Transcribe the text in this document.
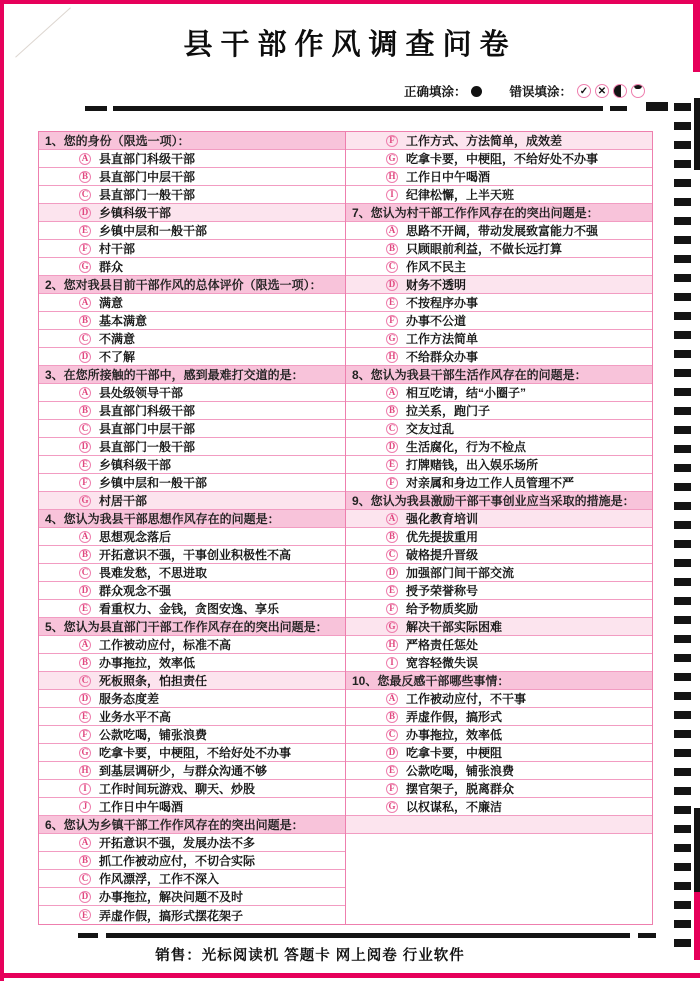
县干部作风调查问卷
正确填涂：	错误填涂： ✓ ✕
1、您的身份（限选一项）：
A 县直部门科级干部
B 县直部门中层干部
C 县直部门一般干部
D 乡镇科级干部
E 乡镇中层和一般干部
F 村干部
G 群众
2、您对我县目前干部作风的总体评价（限选一项）：
A 满意
B 基本满意
C 不满意
D 不了解
3、在您所接触的干部中，感到最难打交道的是：
A 县处级领导干部
B 县直部门科级干部
C 县直部门中层干部
D 县直部门一般干部
E 乡镇科级干部
F 乡镇中层和一般干部
G 村居干部
4、您认为我县干部思想作风存在的问题是：
A 思想观念落后
B 开拓意识不强，干事创业积极性不高
C 畏难发愁，不思进取
D 群众观念不强
E 看重权力、金钱，贪图安逸、享乐
5、您认为县直部门干部工作作风存在的突出问题是：
A 工作被动应付，标准不高
B 办事拖拉，效率低
C 死板照条，怕担责任
D 服务态度差
E 业务水平不高
F 公款吃喝，铺张浪费
G 吃拿卡要，中梗阻，不给好处不办事
H 到基层调研少，与群众沟通不够
I	工作时间玩游戏、聊天、炒股
J 工作日中午喝酒
6、您认为乡镇干部工作作风存在的突出问题是：
A 开拓意识不强，发展办法不多
B 抓工作被动应付，不切合实际
C 作风漂浮，工作不深入
D 办事拖拉，解决问题不及时
E 弄虚作假，搞形式摆花架子
F 工作方式、方法简单，成效差
G 吃拿卡要，中梗阻，不给好处不办事
H 工作日中午喝酒
I	纪律松懈，上半天班
7、您认为村干部工作作风存在的突出问题是：
A 思路不开阔，带动发展致富能力不强
B 只顾眼前利益，不做长远打算
C 作风不民主
D 财务不透明
E 不按程序办事
F 办事不公道
G 工作方法简单
H 不给群众办事
8、您认为我县干部生活作风存在的问题是：
A 相互吃请，结“小圈子”
B 拉关系，跑门子
C 交友过乱
D 生活腐化，行为不检点
E 打牌赌钱，出入娱乐场所
F 对亲属和身边工作人员管理不严
9、您认为我县激励干部干事创业应当采取的措施是：
A 强化教育培训
B 优先提拔重用
C 破格提升晋级
D 加强部门间干部交流
E 授予荣誉称号
F 给予物质奖励
G 解决干部实际困难
H 严格责任惩处
I	宽容轻微失误
10、您最反感干部哪些事情：
A 工作被动应付，不干事
B 弄虚作假，搞形式
C 办事拖拉，效率低
D 吃拿卡要，中梗阻
E 公款吃喝，铺张浪费
F 摆官架子，脱离群众
G 以权谋私，不廉洁
销售：光标阅读机 答题卡 网上阅卷 行业软件
